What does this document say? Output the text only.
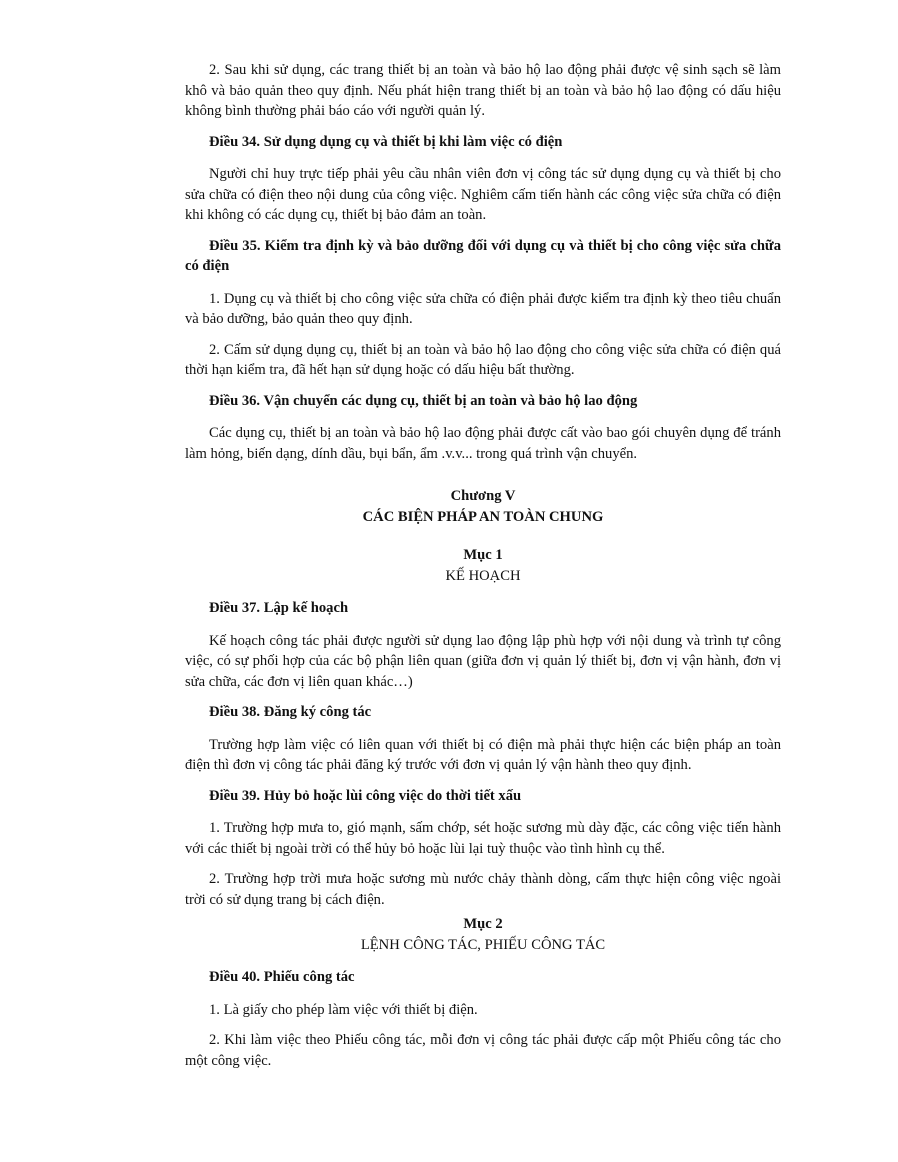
2. Sau khi sử dụng, các trang thiết bị an toàn và bảo hộ lao động phải được vệ sinh sạch sẽ làm khô và bảo quản theo quy định. Nếu phát hiện trang thiết bị an toàn và bảo hộ lao động có dấu hiệu không bình thường phải báo cáo với người quản lý.

Điều 34. Sử dụng dụng cụ và thiết bị khi làm việc có điện

Người chỉ huy trực tiếp phải yêu cầu nhân viên đơn vị công tác sử dụng dụng cụ và thiết bị cho sửa chữa có điện theo nội dung của công việc. Nghiêm cấm tiến hành các công việc sửa chữa có điện khi không có các dụng cụ, thiết bị bảo đảm an toàn.

Điều 35. Kiểm tra định kỳ và bảo dưỡng đối với dụng cụ và thiết bị cho công việc sửa chữa có điện

1. Dụng cụ và thiết bị cho công việc sửa chữa có điện phải được kiểm tra định kỳ theo tiêu chuẩn và bảo dưỡng, bảo quản theo quy định.

2. Cấm sử dụng dụng cụ, thiết bị an toàn và bảo hộ lao động cho công việc sửa chữa có điện quá thời hạn kiểm tra, đã hết hạn sử dụng hoặc có dấu hiệu bất thường.

Điều 36. Vận chuyển các dụng cụ, thiết bị an toàn và bảo hộ lao động

Các dụng cụ, thiết bị an toàn và bảo hộ lao động phải được cất vào bao gói chuyên dụng để tránh làm hỏng, biến dạng, dính dầu, bụi bẩn, ẩm .v.v... trong quá trình vận chuyển.

Chương V

CÁC BIỆN PHÁP AN TOÀN CHUNG

Mục 1

KẾ HOẠCH

Điều 37. Lập kế hoạch

Kế hoạch công tác phải được người sử dụng lao động lập phù hợp với nội dung và trình tự công việc, có sự phối hợp của các bộ phận liên quan (giữa đơn vị quản lý thiết bị, đơn vị vận hành, đơn vị sửa chữa, các đơn vị liên quan khác…)

Điều 38. Đăng ký công tác

Trường hợp làm việc có liên quan với thiết bị có điện mà phải thực hiện các biện pháp an toàn điện thì đơn vị công tác phải đăng ký trước với đơn vị quản lý vận hành theo quy định.

Điều 39. Hủy bỏ hoặc lùi công việc do thời tiết xấu

1. Trường hợp mưa to, gió mạnh, sấm chớp, sét hoặc sương mù dày đặc, các công việc tiến hành với các thiết bị ngoài trời có thể hủy bỏ hoặc lùi lại tuỳ thuộc vào tình hình cụ thể.

2. Trường hợp trời mưa hoặc sương mù nước chảy thành dòng, cấm thực hiện công việc ngoài trời có sử dụng trang bị cách điện.

Mục 2

LỆNH CÔNG TÁC, PHIẾU CÔNG TÁC

Điều 40. Phiếu công tác

1. Là giấy cho phép làm việc với thiết bị điện.

2. Khi làm việc theo Phiếu công tác, mỗi đơn vị công tác phải được cấp một Phiếu công tác cho một công việc.
